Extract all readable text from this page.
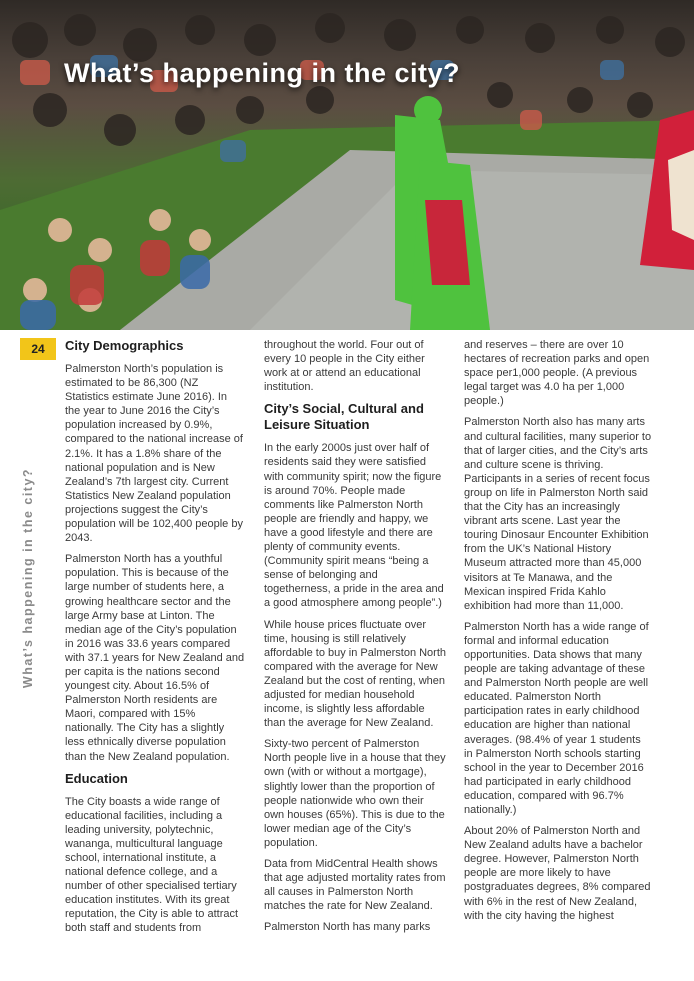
What’s happening in the city?
24
What’s happening in the city?
City Demographics

Palmerston North’s population is estimated to be 86,300 (NZ Statistics estimate June 2016). In the year to June 2016 the City’s population increased by 0.9%, compared to the national increase of 2.1%. It has a 1.8% share of the national population and is New Zealand’s 7th largest city. Current Statistics New Zealand population projections suggest the City’s population will be 102,400 people by 2043.

Palmerston North has a youthful population. This is because of the large number of students here, a growing healthcare sector and the large Army base at Linton. The median age of the City’s population in 2016 was 33.6 years compared with 37.1 years for New Zealand and per capita is the nations second youngest city. About 16.5% of Palmerston North residents are Maori, compared with 15% nationally. The City has a slightly less ethnically diverse population than the New Zealand population.

Education

The City boasts a wide range of educational facilities, including a leading university, polytechnic, wananga, multicultural language school, international institute, a national defence college, and a number of other specialised tertiary education institutes. With its great reputation, the City is able to attract both staff and students from

throughout the world. Four out of every 10 people in the City either work at or attend an educational institution.

City’s Social, Cultural and Leisure Situation

In the early 2000s just over half of residents said they were satisfied with community spirit; now the figure is around 70%. People made comments like Palmerston North people are friendly and happy, we have a good lifestyle and there are plenty of community events. (Community spirit means “being a sense of belonging and togetherness, a pride in the area and a good atmosphere among people”.)

While house prices fluctuate over time, housing is still relatively affordable to buy in Palmerston North compared with the average for New Zealand but the cost of renting, when adjusted for median household income, is slightly less affordable than the average for New Zealand.

Sixty-two percent of Palmerston North people live in a house that they own (with or without a mortgage), slightly lower than the proportion of people nationwide who own their own houses (65%). This is due to the lower median age of the City’s population.

Data from MidCentral Health shows that age adjusted mortality rates from all causes in Palmerston North matches the rate for New Zealand.

Palmerston North has many parks

and reserves – there are over 10 hectares of recreation parks and open space per1,000 people. (A previous legal target was 4.0 ha per 1,000 people.)

Palmerston North also has many arts and cultural facilities, many superior to that of larger cities, and the City’s arts and culture scene is thriving. Participants in a series of recent focus group on life in Palmerston North said that the City has an increasingly vibrant arts scene. Last year the touring Dinosaur Encounter Exhibition from the UK’s National History Museum attracted more than 45,000 visitors at Te Manawa, and the Mexican inspired Frida Kahlo exhibition had more than 11,000.

Palmerston North has a wide range of formal and informal education opportunities. Data shows that many people are taking advantage of these and Palmerston North people are well educated. Palmerston North participation rates in early childhood education are higher than national averages. (98.4% of year 1 students in Palmerston North schools starting school in the year to December 2016 had participated in early childhood education, compared with 96.7% nationally.)

About 20% of Palmerston North and New Zealand adults have a bachelor degree. However, Palmerston North people are more likely to have postgraduates degrees, 8% compared with 6% in the rest of New Zealand, with the city having the highest
